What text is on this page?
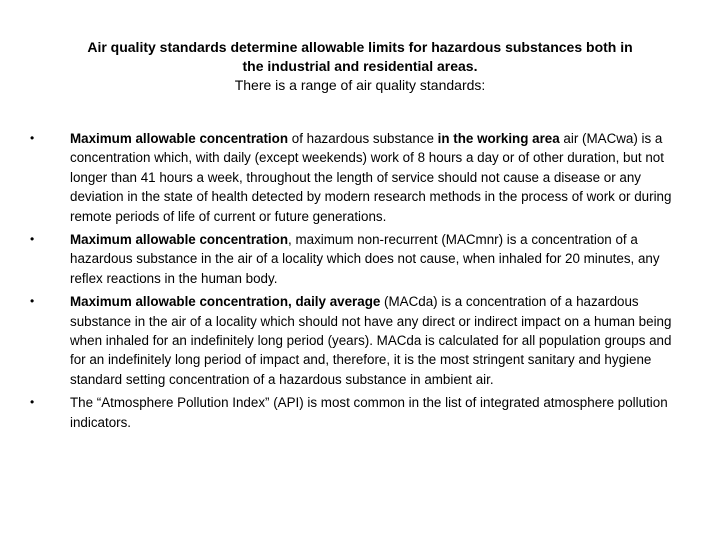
Air quality standards determine allowable limits for hazardous substances both in
the industrial and residential areas.
There is a range of air quality standards:
•	Maximum allowable concentration of hazardous substance in the working area air (MACwa) is a concentration which, with daily (except weekends) work of 8 hours a day or of other duration, but not longer than 41 hours a week, throughout the length of service should not cause a disease or any deviation in the state of health detected by modern research methods in the process of work or during remote periods of life of current or future generations.
•	Maximum allowable concentration, maximum non-recurrent (MACmnr) is a concentration of a hazardous substance in the air of a locality which does not cause, when inhaled for 20 minutes, any reflex reactions in the human body.
•	Maximum allowable concentration, daily average (MACda) is a concentration of a hazardous substance in the air of a locality which should not have any direct or indirect impact on a human being when inhaled for an indefinitely long period (years). MACda is calculated for all population groups and for an indefinitely long period of impact and, therefore, it is the most stringent sanitary and hygiene standard setting concentration of a hazardous substance in ambient air.
•	The “Atmosphere Pollution Index” (API) is most common in the list of integrated atmosphere pollution indicators.
